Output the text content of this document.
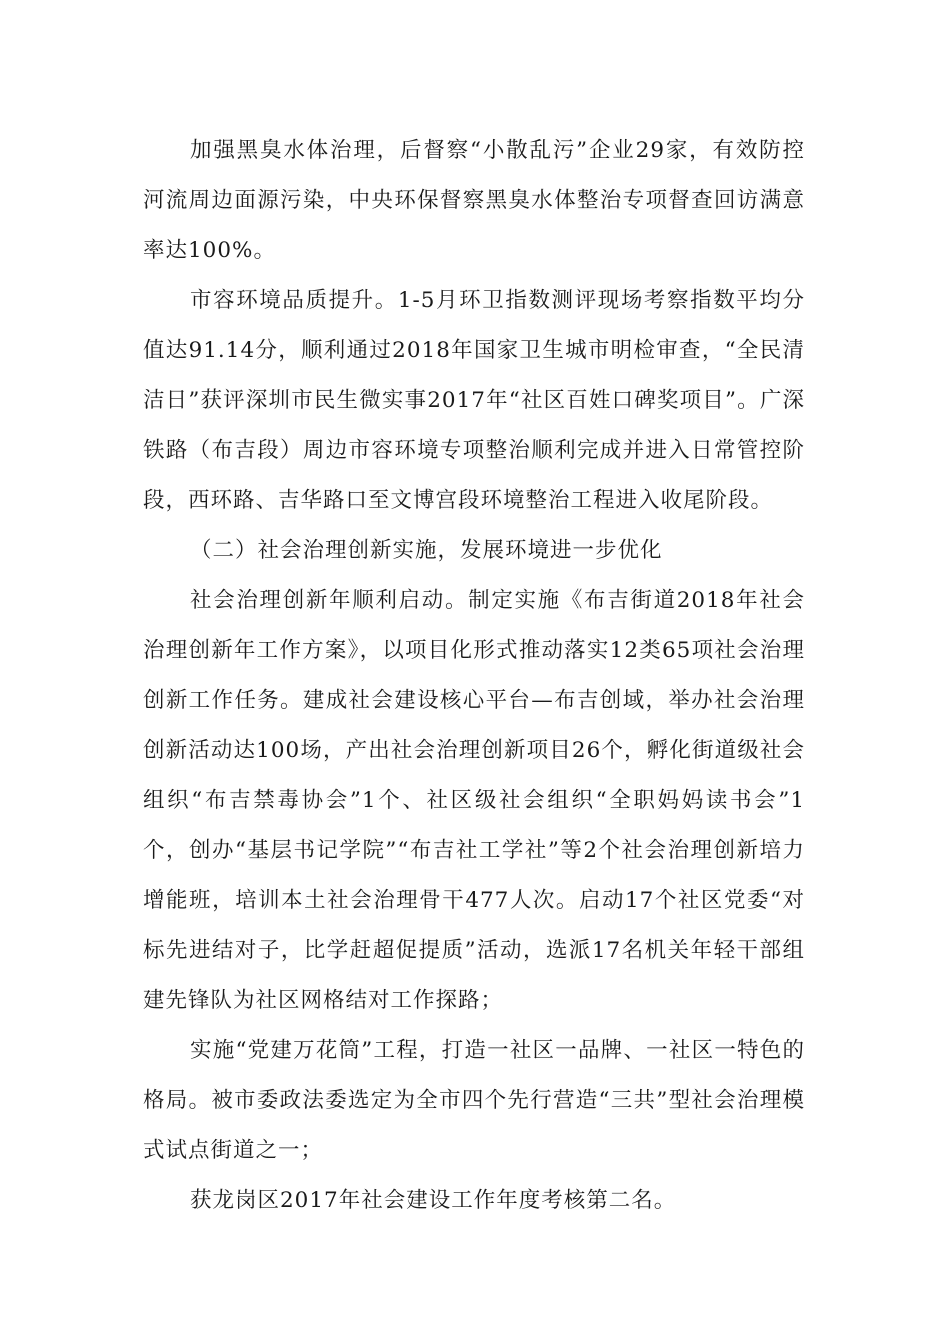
加强黑臭水体治理，后督察“小散乱污”企业29家，有效防控河流周边面源污染，中央环保督察黑臭水体整治专项督查回访满意率达100%。

市容环境品质提升。1-5月环卫指数测评现场考察指数平均分值达91.14分，顺利通过2018年国家卫生城市明检审查，“全民清洁日”获评深圳市民生微实事2017年“社区百姓口碑奖项目”。广深铁路（布吉段）周边市容环境专项整治顺利完成并进入日常管控阶段，西环路、吉华路口至文博宫段环境整治工程进入收尾阶段。

（二）社会治理创新实施，发展环境进一步优化

社会治理创新年顺利启动。制定实施《布吉街道2018年社会治理创新年工作方案》，以项目化形式推动落实12类65项社会治理创新工作任务。建成社会建设核心平台—布吉创域，举办社会治理创新活动达100场，产出社会治理创新项目26个，孵化街道级社会组织“布吉禁毒协会”1个、社区级社会组织“全职妈妈读书会”1个，创办“基层书记学院”“布吉社工学社”等2个社会治理创新培力增能班，培训本土社会治理骨干477人次。启动17个社区党委“对标先进结对子，比学赶超促提质”活动，选派17名机关年轻干部组建先锋队为社区网格结对工作探路；

实施“党建万花筒”工程，打造一社区一品牌、一社区一特色的格局。被市委政法委选定为全市四个先行营造“三共”型社会治理模式试点街道之一；

获龙岗区2017年社会建设工作年度考核第二名。
